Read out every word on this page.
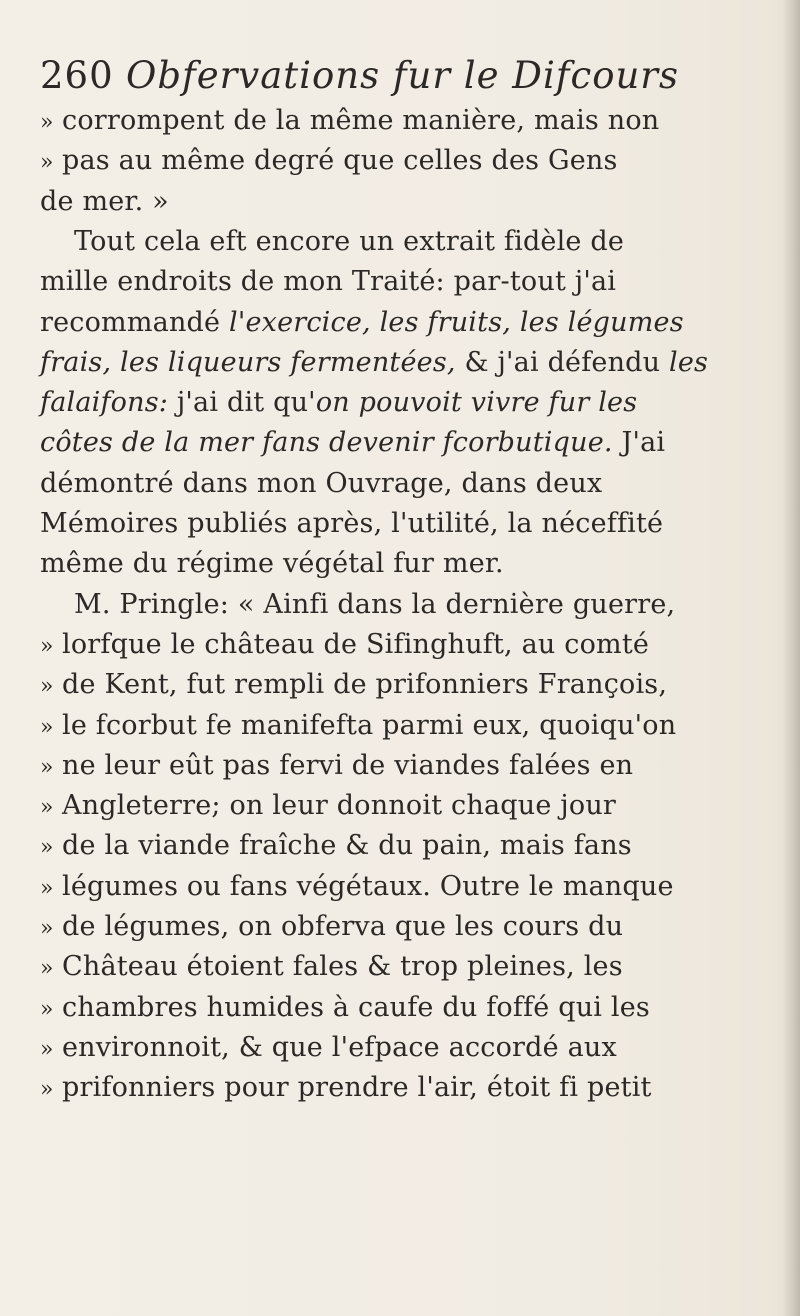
260 Obfervations fur le Difcours
» corrompent de la même manière, mais non
» pas au même degré que celles des Gens
de mer. »
Tout cela eft encore un extrait fidèle de
mille endroits de mon Traité: par-tout j'ai
recommandé l'exercice, les fruits, les légumes
frais, les liqueurs fermentées, & j'ai défendu les
falaifons: j'ai dit qu'on pouvoit vivre fur les
côtes de la mer fans devenir fcorbutique. J'ai
démontré dans mon Ouvrage, dans deux
Mémoires publiés après, l'utilité, la néceffité
même du régime végétal fur mer.
M. Pringle: « Ainfi dans la dernière guerre,
» lorfque le château de Sifinghuft, au comté
» de Kent, fut rempli de prifonniers François,
» le fcorbut fe manifefta parmi eux, quoiqu'on
» ne leur eût pas fervi de viandes falées en
» Angleterre; on leur donnoit chaque jour
» de la viande fraîche & du pain, mais fans
» légumes ou fans végétaux. Outre le manque
» de légumes, on obferva que les cours du
» Château étoient fales & trop pleines, les
» chambres humides à caufe du foffé qui les
» environnoit, & que l'efpace accordé aux
» prifonniers pour prendre l'air, étoit fi petit
